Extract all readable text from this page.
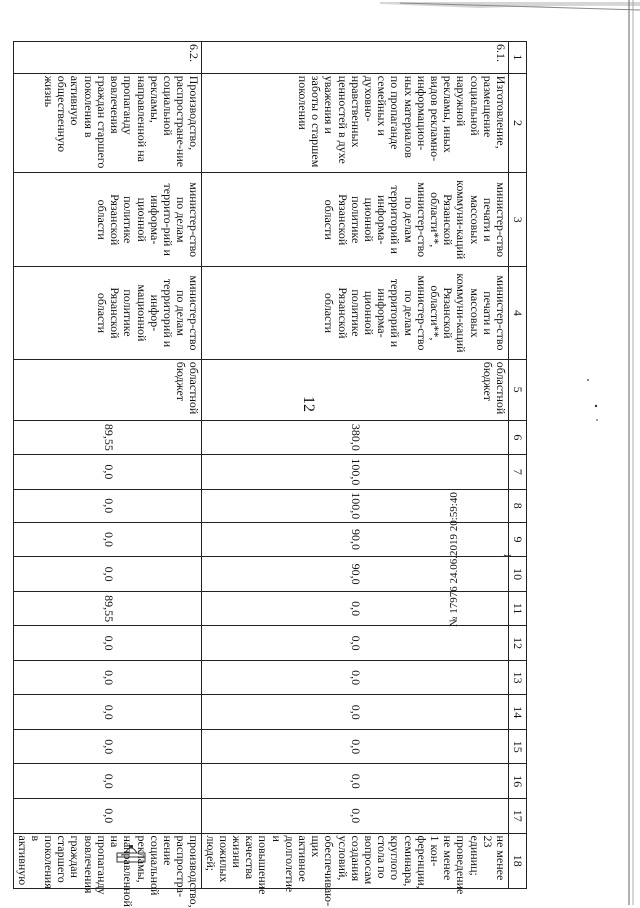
12
№ 17976 24.06.2019 20:59:40
1	2	3	4	5	6	7	8	9	10	11	12	13	14	15	16	17	18
6.1.	Изготовление, размещение социальной наружной рекламы, иных видов рекламно-информацион-ных материалов по пропаганде семейных и духовно-нравственных ценностей в духе уважения и заботы о старшем поколении	министер-ство печати и массовых коммуни-каций Рязанской области**, министер-ство по делам территорий и информа-ционной политике Рязанской области	министер-ство печати и массовых коммуни-каций Рязанской области**, министер-ство по делам территорий и информа-ционной политике Рязанской области	областной бюджет	380,0	100,0	100,0	90,0	90,0	0,0	0,0	0,0	0,0	0,0	0,0	0,0	не менее 23 единиц; проведение не менее 1 кон-ференции, семинара, круглого стола по вопросам создания условий, обеспечиваю-щих активное долголетие и повышение качества жизни пожилых людей;
6.2.	Производство, распростране-ние социальной рекламы, направленной на пропаганду вовлечения граждан старшего поколения в активную общественную жизнь	министер-ство по делам террито-рий и информа-ционной политике Рязанской области	министер-ство по делам территорий и инфор-мационной политике Рязанской области	областной бюджет	89,55	0,0	0,0	0,0	0,0	89,55	0,0	0,0	0,0	0,0	0,0	0,0	производство, распростра-нение социальной рекламы, направленной на пропаганду вовлечения граждан старшего поколения в активную
